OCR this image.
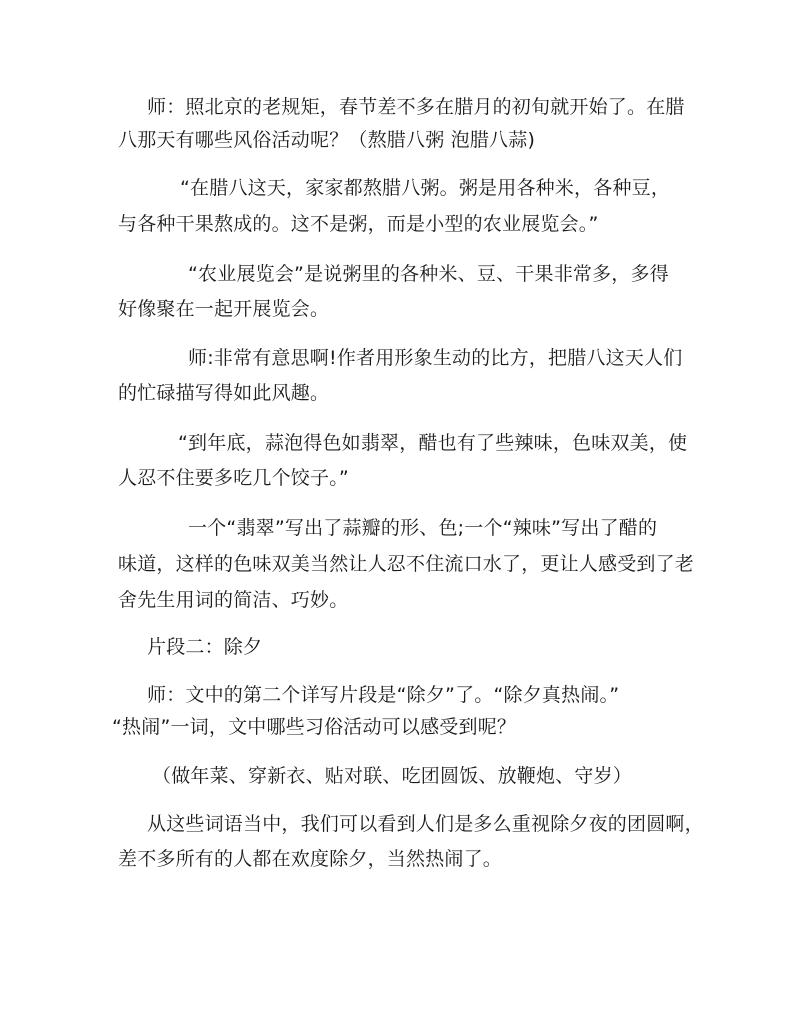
师：照北京的老规矩，春节差不多在腊月的初旬就开始了。在腊
八那天有哪些风俗活动呢？（熬腊八粥 泡腊八蒜)
“在腊八这天，家家都熬腊八粥。粥是用各种米，各种豆，
与各种干果熬成的。这不是粥，而是小型的农业展览会。”
“农业展览会”是说粥里的各种米、豆、干果非常多，多得
好像聚在一起开展览会。
师:非常有意思啊!作者用形象生动的比方，把腊八这天人们
的忙碌描写得如此风趣。
“到年底，蒜泡得色如翡翠，醋也有了些辣味，色味双美，使
人忍不住要多吃几个饺子。”
一个“翡翠”写出了蒜瓣的形、色;一个“辣味”写出了醋的
味道，这样的色味双美当然让人忍不住流口水了，更让人感受到了老
舍先生用词的简洁、巧妙。
片段二：除夕
师：文中的第二个详写片段是“除夕”了。“除夕真热闹。”
“热闹”一词，文中哪些习俗活动可以感受到呢？
（做年菜、穿新衣、贴对联、吃团圆饭、放鞭炮、守岁）
从这些词语当中，我们可以看到人们是多么重视除夕夜的团圆啊，
差不多所有的人都在欢度除夕，当然热闹了。
